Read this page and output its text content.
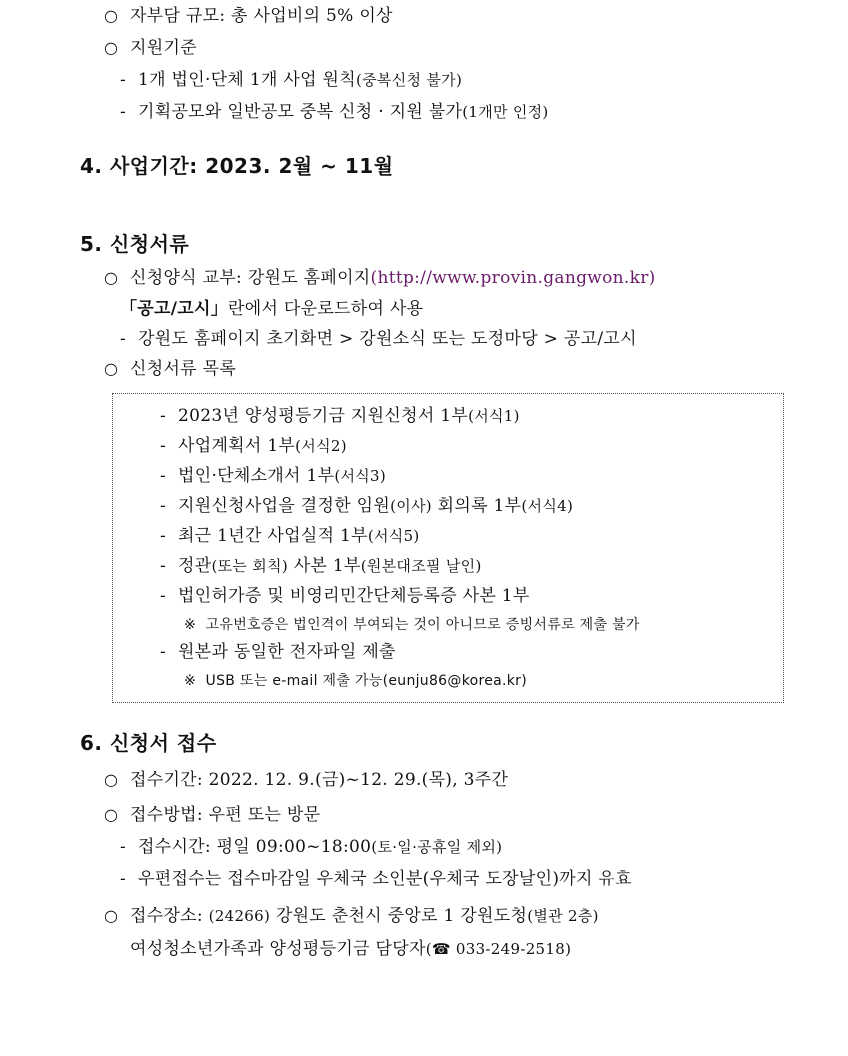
○ 자부담 규모: 총 사업비의 5% 이상
○ 지원기준
- 1개 법인·단체 1개 사업 원칙(중복신청 불가)
- 기획공모와 일반공모 중복 신청 · 지원 불가(1개만 인정)
4. 사업기간: 2023. 2월 ~ 11월
5. 신청서류
○ 신청양식 교부: 강원도 홈페이지(http://www.provin.gangwon.kr)
「공고/고시」란에서 다운로드하여 사용
- 강원도 홈페이지 초기화면 > 강원소식 또는 도정마당 > 공고/고시
○ 신청서류 목록
- 2023년 양성평등기금 지원신청서 1부(서식1)
- 사업계획서 1부(서식2)
- 법인·단체소개서 1부(서식3)
- 지원신청사업을 결정한 임원(이사) 회의록 1부(서식4)
- 최근 1년간 사업실적 1부(서식5)
- 정관(또는 회칙) 사본 1부(원본대조필 날인)
- 법인허가증 및 비영리민간단체등록증 사본 1부
※ 고유번호증은 법인격이 부여되는 것이 아니므로 증빙서류로 제출 불가
- 원본과 동일한 전자파일 제출
※ USB 또는 e-mail 제출 가능(eunju86@korea.kr)
6. 신청서 접수
○ 접수기간: 2022. 12. 9.(금)~12. 29.(목), 3주간
○ 접수방법: 우편 또는 방문
- 접수시간: 평일 09:00~18:00(토·일·공휴일 제외)
- 우편접수는 접수마감일 우체국 소인분(우체국 도장날인)까지 유효
○ 접수장소: (24266) 강원도 춘천시 중앙로 1 강원도청(별관 2층)
여성청소년가족과 양성평등기금 담당자(☎ 033-249-2518)
